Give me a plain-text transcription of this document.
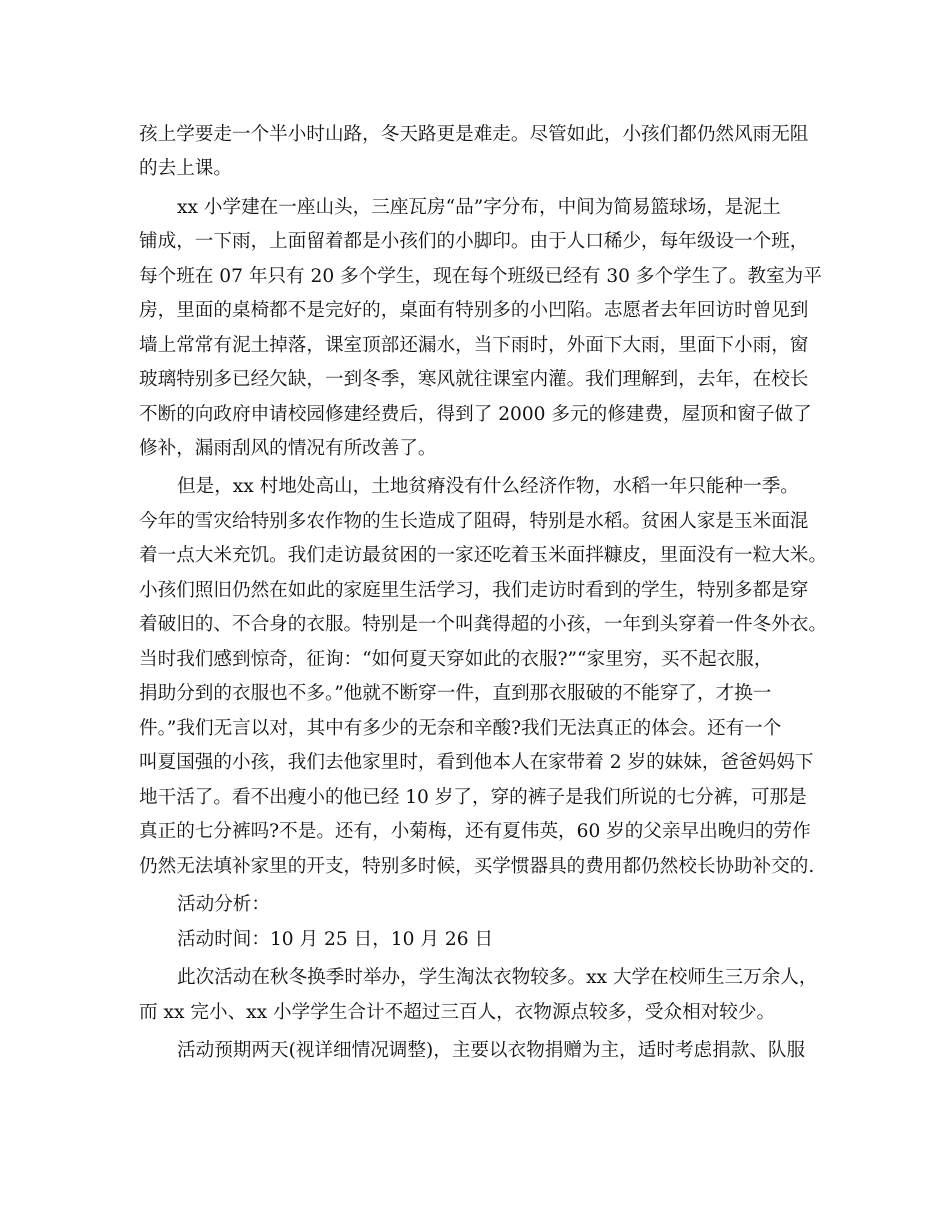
孩上学要走一个半小时山路，冬天路更是难走。尽管如此，小孩们都仍然风雨无阻
的去上课。
xx 小学建在一座山头，三座瓦房“品”字分布，中间为简易篮球场，是泥土
铺成，一下雨，上面留着都是小孩们的小脚印。由于人口稀少，每年级设一个班，
每个班在 07 年只有 20 多个学生，现在每个班级已经有 30 多个学生了。教室为平
房，里面的桌椅都不是完好的，桌面有特别多的小凹陷。志愿者去年回访时曾见到
墙上常常有泥土掉落，课室顶部还漏水，当下雨时，外面下大雨，里面下小雨，窗
玻璃特别多已经欠缺，一到冬季，寒风就往课室内灌。我们理解到，去年，在校长
不断的向政府申请校园修建经费后，得到了 2000 多元的修建费，屋顶和窗子做了
修补，漏雨刮风的情况有所改善了。
但是，xx 村地处高山，土地贫瘠没有什么经济作物，水稻一年只能种一季。
今年的雪灾给特别多农作物的生长造成了阻碍，特别是水稻。贫困人家是玉米面混
着一点大米充饥。我们走访最贫困的一家还吃着玉米面拌糠皮，里面没有一粒大米。
小孩们照旧仍然在如此的家庭里生活学习，我们走访时看到的学生，特别多都是穿
着破旧的、不合身的衣服。特别是一个叫龚得超的小孩，一年到头穿着一件冬外衣。
当时我们感到惊奇，征询：“如何夏天穿如此的衣服?”“家里穷，买不起衣服，
捐助分到的衣服也不多。”他就不断穿一件，直到那衣服破的不能穿了，才换一
件。”我们无言以对，其中有多少的无奈和辛酸?我们无法真正的体会。还有一个
叫夏国强的小孩，我们去他家里时，看到他本人在家带着 2 岁的妹妹，爸爸妈妈下
地干活了。看不出瘦小的他已经 10 岁了，穿的裤子是我们所说的七分裤，可那是
真正的七分裤吗?不是。还有，小菊梅，还有夏伟英，60 岁的父亲早出晚归的劳作
仍然无法填补家里的开支，特别多时候，买学惯器具的费用都仍然校长协助补交的.
活动分析：
活动时间：10 月 25 日，10 月 26 日
此次活动在秋冬换季时举办，学生淘汰衣物较多。xx 大学在校师生三万余人，
而 xx 完小、xx 小学学生合计不超过三百人，衣物源点较多，受众相对较少。
活动预期两天(视详细情况调整)，主要以衣物捐赠为主，适时考虑捐款、队服
